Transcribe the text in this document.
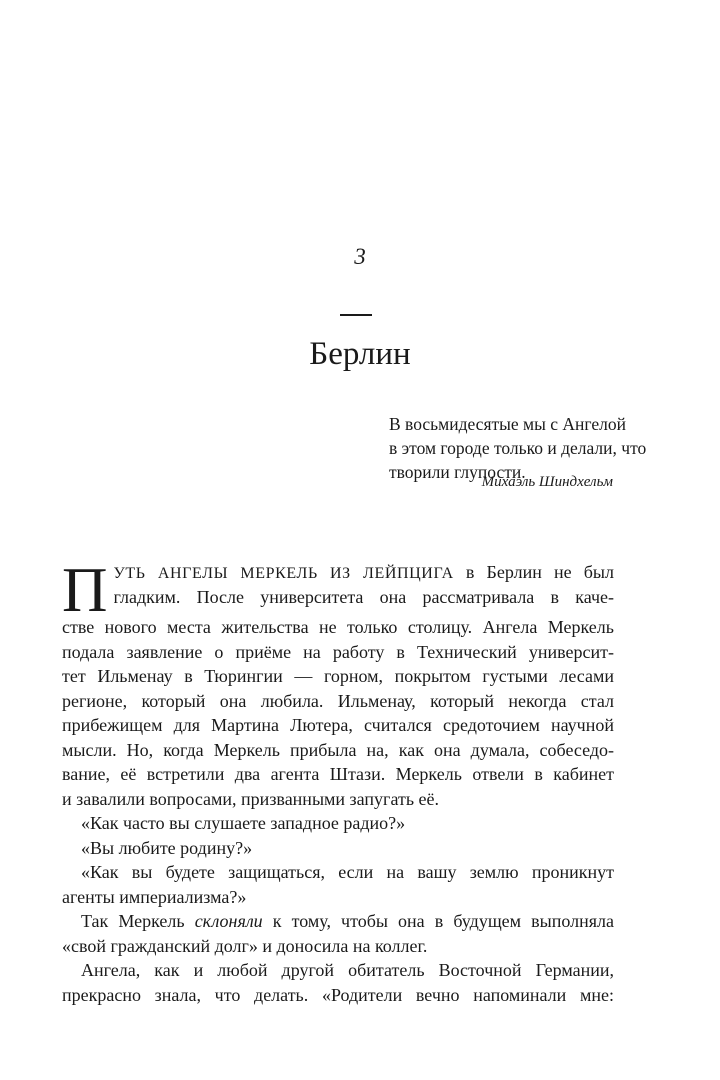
3
Берлин
В восьмидесятые мы с Ангелой
в этом городе только и делали, что
творили глупости.
Михаэль Шиндхельм
П УТЬ АНГЕЛЫ МЕРКЕЛЬ ИЗ ЛЕЙПЦИГА в Берлин не был
гладким. После университета она рассматривала в каче-
стве нового места жительства не только столицу. Ангела Меркель
подала заявление о приёме на работу в Технический университ-
тет Ильменау в Тюрингии — горном, покрытом густыми лесами
регионе, который она любила. Ильменау, который некогда стал
прибежищем для Мартина Лютера, считался средоточием научной
мысли. Но, когда Меркель прибыла на, как она думала, собеседо-
вание, её встретили два агента Штази. Меркель отвели в кабинет
и завалили вопросами, призванными запугать её.
«Как часто вы слушаете западное радио?»
«Вы любите родину?»
«Как вы будете защищаться, если на вашу землю проникнут
агенты империализма?»
Так Меркель склоняли к тому, чтобы она в будущем выполняла
«свой гражданский долг» и доносила на коллег.
Ангела, как и любой другой обитатель Восточной Германии,
прекрасно знала, что делать. «Родители вечно напоминали мне:
